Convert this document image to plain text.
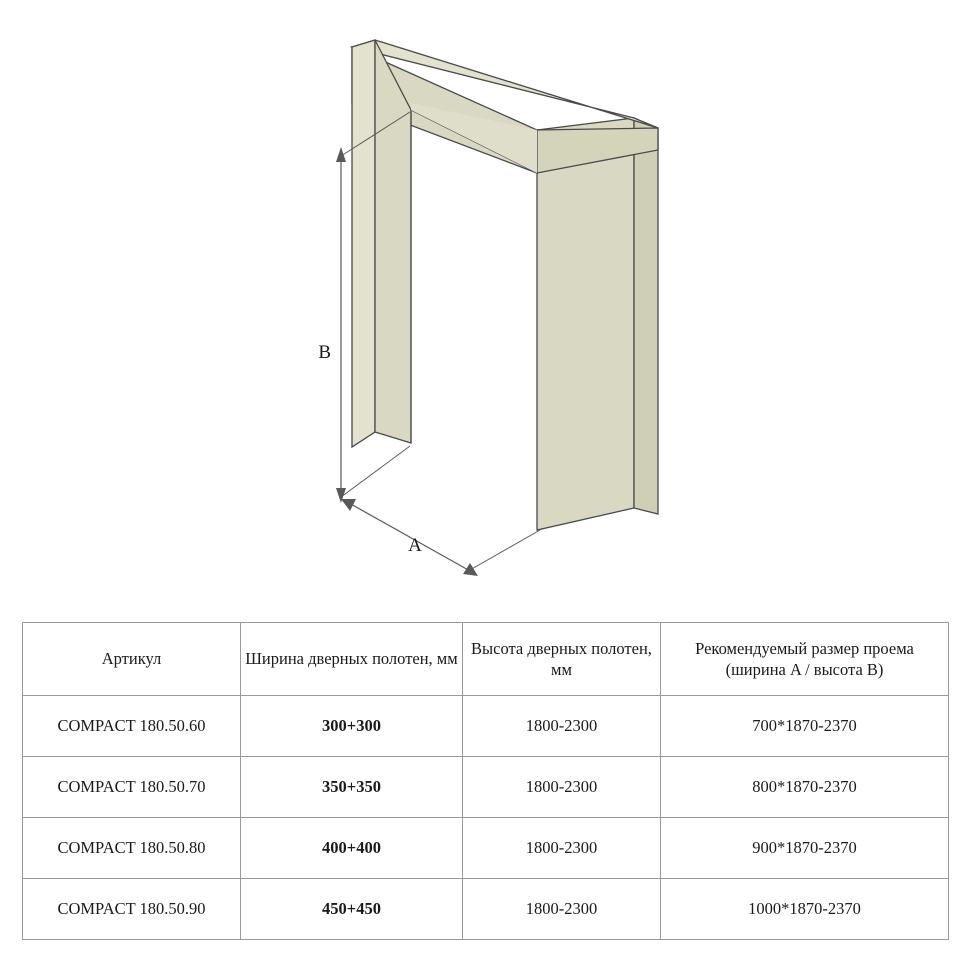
B
A
Артикул	Ширина дверных полотен, мм	Высота дверных полотен, мм	Рекомендуемый размер проема (ширина A / высота B)
COMPACT 180.50.60	300+300	1800-2300	700*1870-2370
COMPACT 180.50.70	350+350	1800-2300	800*1870-2370
COMPACT 180.50.80	400+400	1800-2300	900*1870-2370
COMPACT 180.50.90	450+450	1800-2300	1000*1870-2370
